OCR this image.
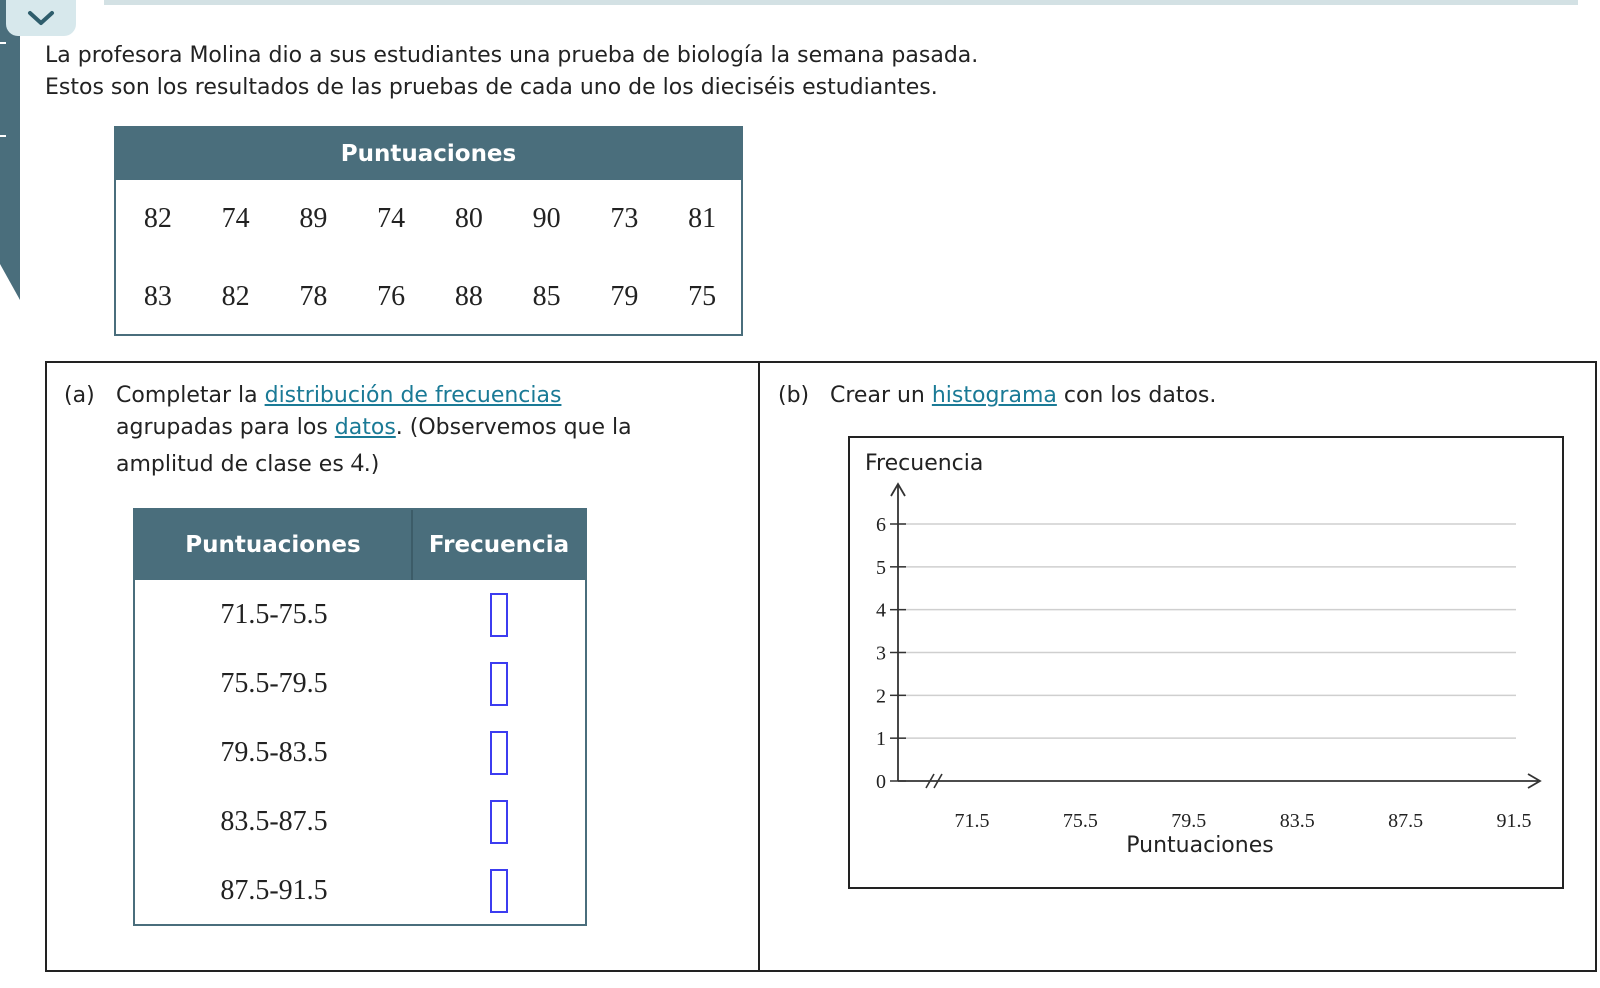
La profesora Molina dio a sus estudiantes una prueba de biología la semana pasada.
Estos son los resultados de las pruebas de cada uno de los dieciséis estudiantes.
Puntuaciones
82	74	89	74	80	90	73	81
83	82	78	76	88	85	79	75
(a) Completar la distribución de frecuencias
agrupadas para los datos. (Observemos que la
amplitud de clase es 4.)
Puntuaciones	Frecuencia
71.5-75.5
75.5-79.5
79.5-83.5
83.5-87.5
87.5-91.5
(b) Crear un histograma con los datos.
0
1
2
3
4
5
6
71.5	75.5	79.5	83.5	87.5	91.5
Frecuencia
Puntuaciones
